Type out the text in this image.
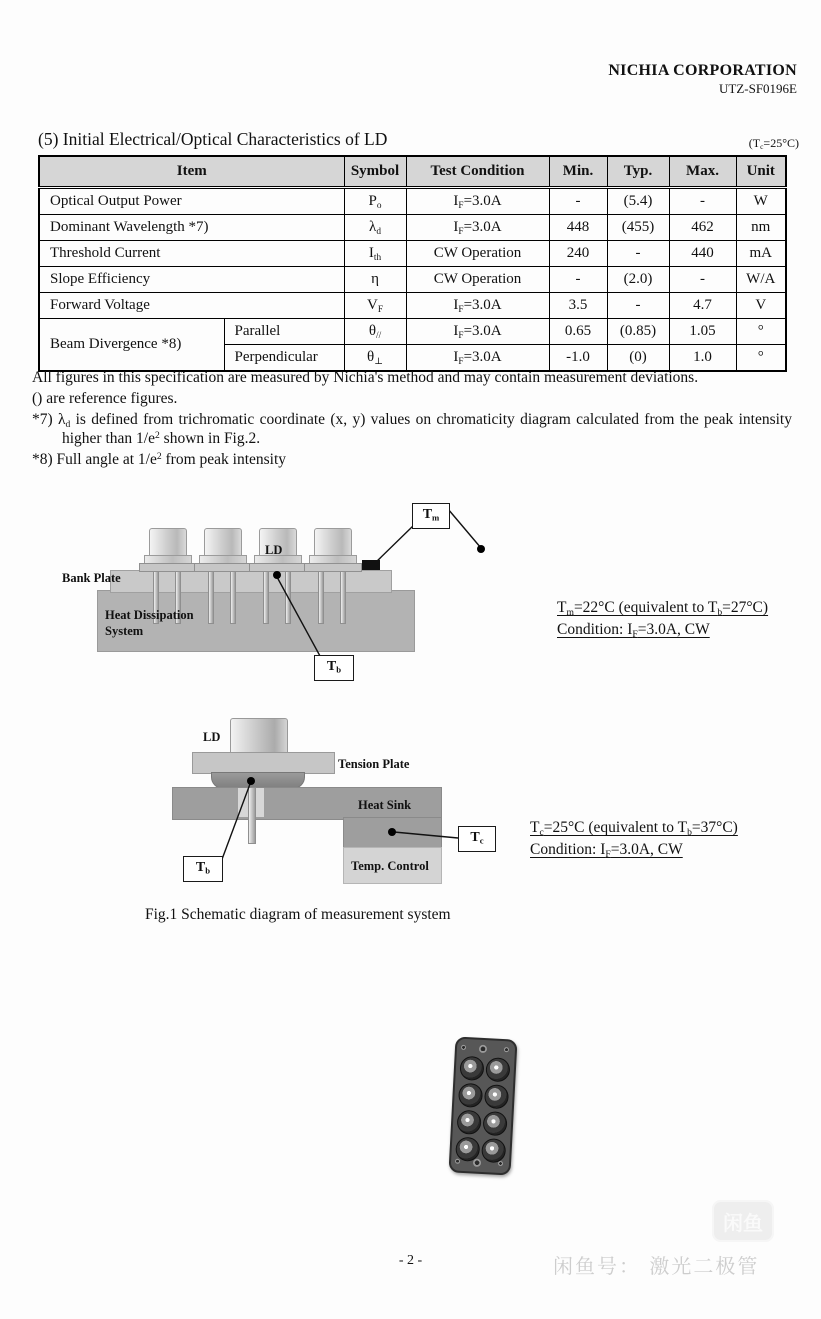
NICHIA CORPORATION
UTZ-SF0196E
(5) Initial Electrical/Optical Characteristics of LD	$(T_c=25^\circ C)$
Item		Symbol	Test Condition	Min.	Typ.	Max.	Unit
Optical Output Power		$P_o$	$I_F=3.0A$	-	(5.4)	-	W
Dominant Wavelength *7)		$\lambda_d$	$I_F=3.0A$	448	(455)	462	nm
Threshold Current		$I_{th}$	CW Operation	240	-	440	mA
Slope Efficiency		η	CW Operation	-	(2.0)	-	W/A
Forward Voltage		$V_F$	$I_F=3.0A$	3.5	-	4.7	V
Beam Divergence *8)	Parallel	$\theta_{//}$	$I_F=3.0A$	0.65	(0.85)	1.05	°
	Perpendicular	$\theta_\perp$	$I_F=3.0A$	-1.0	(0)	1.0	°

All figures in this specification are measured by Nichia's method and may contain measurement deviations.

() are reference figures.

*7) $\lambda_d$ is defined from trichromatic coordinate (x, y) values on chromaticity diagram calculated from the peak intensity higher than $1/e^2$ shown in Fig.2.

*8) Full angle at $1/e^2$ from peak intensity

LD
Bank Plate
Heat Dissipation
System
$T_m$
$T_b$
$T_m=22^\circ C$ (equivalent to $T_b=27^\circ C$)
Condition: $I_F=3.0A$, CW
LD
Tension Plate
Heat Sink
Temp. Control
$T_b$
$T_c$
$T_c=25^\circ C$ (equivalent to $T_b=37^\circ C$)
Condition: $I_F=3.0A$, CW
Fig.1 Schematic diagram of measurement system
- 2 -	闲鱼号： 激光二极管
闲鱼
